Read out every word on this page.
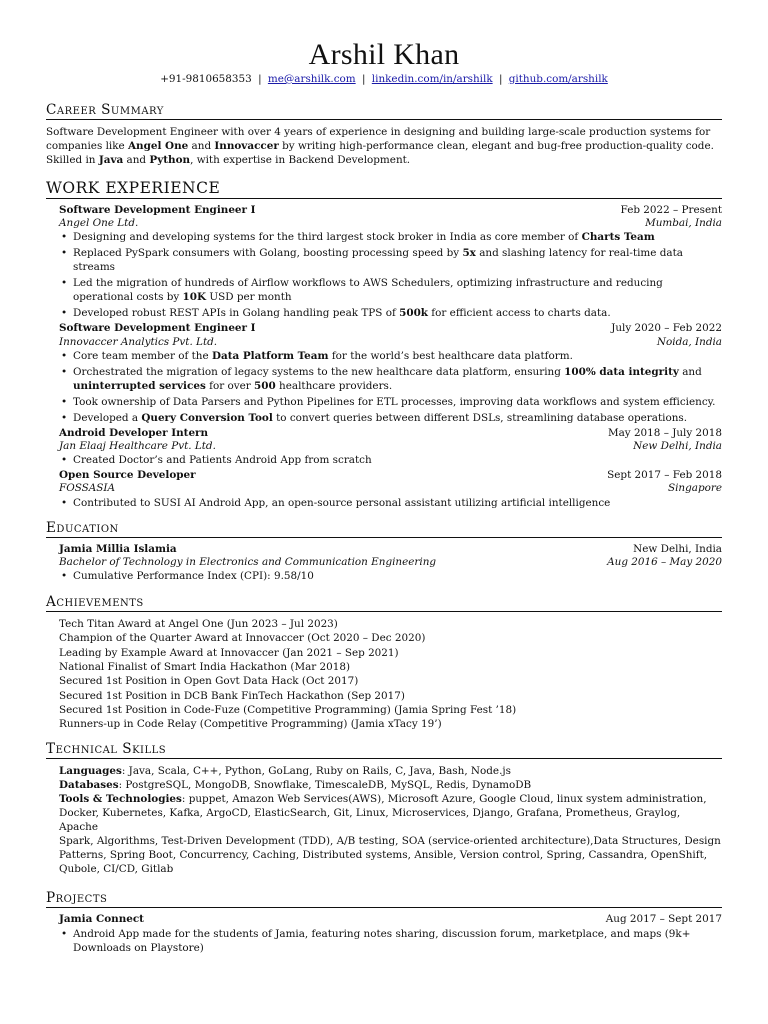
Arshil Khan
+91-9810658353 | me@arshilk.com | linkedin.com/in/arshilk | github.com/arshilk
Career Summary
Software Development Engineer with over 4 years of experience in designing and building large-scale production systems for
companies like Angel One and Innovaccer by writing high-performance clean, elegant and bug-free production-quality code.
Skilled in Java and Python, with expertise in Backend Development.
WORK EXPERIENCE
Software Development Engineer I	Feb 2022 – Present
Angel One Ltd.	Mumbai, India
• Designing and developing systems for the third largest stock broker in India as core member of Charts Team
• Replaced PySpark consumers with Golang, boosting processing speed by 5x and slashing latency for real-time data streams
• Led the migration of hundreds of Airflow workflows to AWS Schedulers, optimizing infrastructure and reducing operational costs by 10K USD per month
• Developed robust REST APIs in Golang handling peak TPS of 500k for efficient access to charts data.
Software Development Engineer I	July 2020 – Feb 2022
Innovaccer Analytics Pvt. Ltd.	Noida, India
• Core team member of the Data Platform Team for the world’s best healthcare data platform.
• Orchestrated the migration of legacy systems to the new healthcare data platform, ensuring 100% data integrity and uninterrupted services for over 500 healthcare providers.
• Took ownership of Data Parsers and Python Pipelines for ETL processes, improving data workflows and system efficiency.
• Developed a Query Conversion Tool to convert queries between different DSLs, streamlining database operations.
Android Developer Intern	May 2018 – July 2018
Jan Elaaj Healthcare Pvt. Ltd.	New Delhi, India
• Created Doctor’s and Patients Android App from scratch
Open Source Developer	Sept 2017 – Feb 2018
FOSSASIA	Singapore
• Contributed to SUSI AI Android App, an open-source personal assistant utilizing artificial intelligence
Education
Jamia Millia Islamia	New Delhi, India
Bachelor of Technology in Electronics and Communication Engineering	Aug 2016 – May 2020
• Cumulative Performance Index (CPI): 9.58/10
Achievements
Tech Titan Award at Angel One (Jun 2023 – Jul 2023)
Champion of the Quarter Award at Innovaccer (Oct 2020 – Dec 2020)
Leading by Example Award at Innovaccer (Jan 2021 – Sep 2021)
National Finalist of Smart India Hackathon (Mar 2018)
Secured 1st Position in Open Govt Data Hack (Oct 2017)
Secured 1st Position in DCB Bank FinTech Hackathon (Sep 2017)
Secured 1st Position in Code-Fuze (Competitive Programming) (Jamia Spring Fest ’18)
Runners-up in Code Relay (Competitive Programming) (Jamia xTacy 19’)
Technical Skills
Languages: Java, Scala, C++, Python, GoLang, Ruby on Rails, C, Java, Bash, Node.js
Databases: PostgreSQL, MongoDB, Snowflake, TimescaleDB, MySQL, Redis, DynamoDB
Tools & Technologies: puppet, Amazon Web Services(AWS), Microsoft Azure, Google Cloud, linux system administration,
Docker, Kubernetes, Kafka, ArgoCD, ElasticSearch, Git, Linux, Microservices, Django, Grafana, Prometheus, Graylog, Apache
Spark, Algorithms, Test-Driven Development (TDD), A/B testing, SOA (service-oriented architecture),Data Structures, Design
Patterns, Spring Boot, Concurrency, Caching, Distributed systems, Ansible, Version control, Spring, Cassandra, OpenShift,
Qubole, CI/CD, Gitlab
Projects
Jamia Connect	Aug 2017 – Sept 2017
• Android App made for the students of Jamia, featuring notes sharing, discussion forum, marketplace, and maps (9k+ Downloads on Playstore)
